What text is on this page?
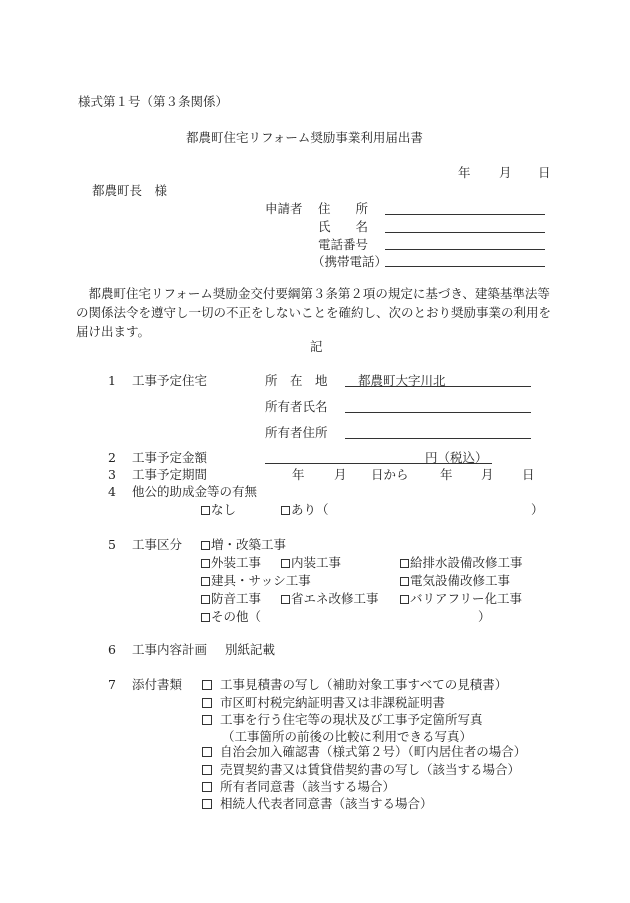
様式第１号（第３条関係）
都農町住宅リフォーム奨励事業利用届出書
年 月 日
都農町長　様
申請者 住　　所
氏　　名
電話番号
（携帯電話）
都農町住宅リフォーム奨励金交付要綱第３条第２項の規定に基づき、建築基準法等の関係法令を遵守し一切の不正をしないことを確約し、次のとおり奨励事業の利用を届け出ます。
記
1 工事予定住宅	所　在　地 都農町大字川北
所有者氏名
所有者住所
2 工事予定金額	円（税込）
3 工事予定期間	年 月 日から	年 月 日
4 他公的助成金等の有無
なし	あり（	）
5 工事区分 増・改築工事
外装工事 内装工事	給排水設備改修工事
建具・サッシ工事	電気設備改修工事
防音工事 省エネ改修工事	バリアフリー化工事
その他（	）
6 工事内容計画 別紙記載
7 添付書類	工事見積書の写し（補助対象工事すべての見積書）
市区町村税完納証明書又は非課税証明書
工事を行う住宅等の現状及び工事予定箇所写真
（工事箇所の前後の比較に利用できる写真）
自治会加入確認書（様式第２号）（町内居住者の場合）
売買契約書又は賃貸借契約書の写し（該当する場合）
所有者同意書（該当する場合）
相続人代表者同意書（該当する場合）
